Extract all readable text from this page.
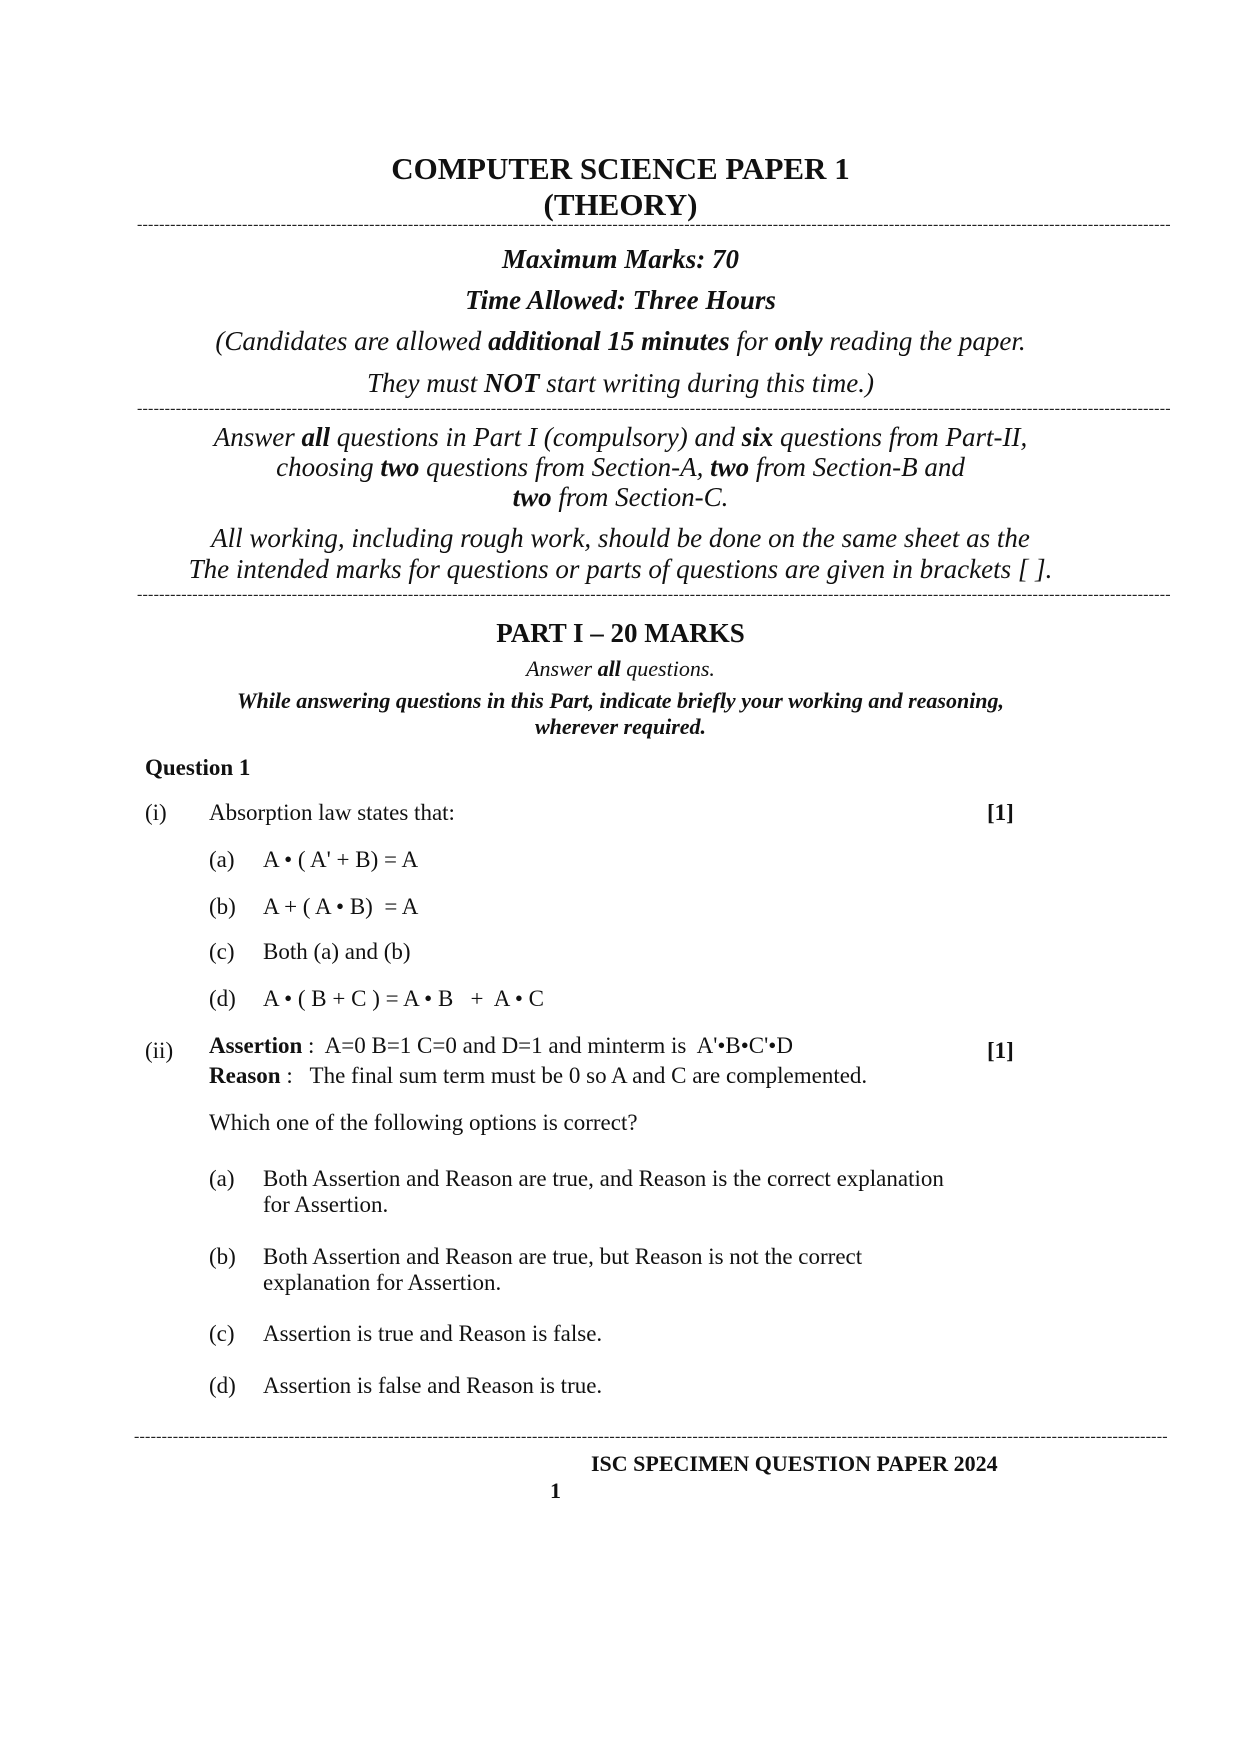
COMPUTER SCIENCE PAPER 1
(THEORY)
-------------------------------------------------------------------------------------------------------------------------------------------------------------------------------------------
Maximum Marks: 70
Time Allowed: Three Hours
(Candidates are allowed additional 15 minutes for only reading the paper.
They must NOT start writing during this time.)
-------------------------------------------------------------------------------------------------------------------------------------------------------------------------------------------
Answer all questions in Part I (compulsory) and six questions from Part-II,
choosing two questions from Section-A, two from Section-B and
two from Section-C.
All working, including rough work, should be done on the same sheet as the
The intended marks for questions or parts of questions are given in brackets [ ].
-------------------------------------------------------------------------------------------------------------------------------------------------------------------------------------------
PART I – 20 MARKS
Answer all questions.
While answering questions in this Part, indicate briefly your working and reasoning,
wherever required.
Question 1
(i) Absorption law states that:	[1]
(a) A • ( A' + B) = A
(b) A + ( A • B)  = A
(c) Both (a) and (b)
(d) A • ( B + C ) = A • B   +  A • C
(ii) Assertion :  A=0 B=1 C=0 and D=1 and minterm is  A'•B•C'•D	[1]
Reason :   The final sum term must be 0 so A and C are complemented.
Which one of the following options is correct?
(a) Both Assertion and Reason are true, and Reason is the correct explanation
for Assertion.
(b) Both Assertion and Reason are true, but Reason is not the correct
explanation for Assertion.
(c) Assertion is true and Reason is false.
(d) Assertion is false and Reason is true.
-------------------------------------------------------------------------------------------------------------------------------------------------------------------------------------------
ISC SPECIMEN QUESTION PAPER 2024
1
